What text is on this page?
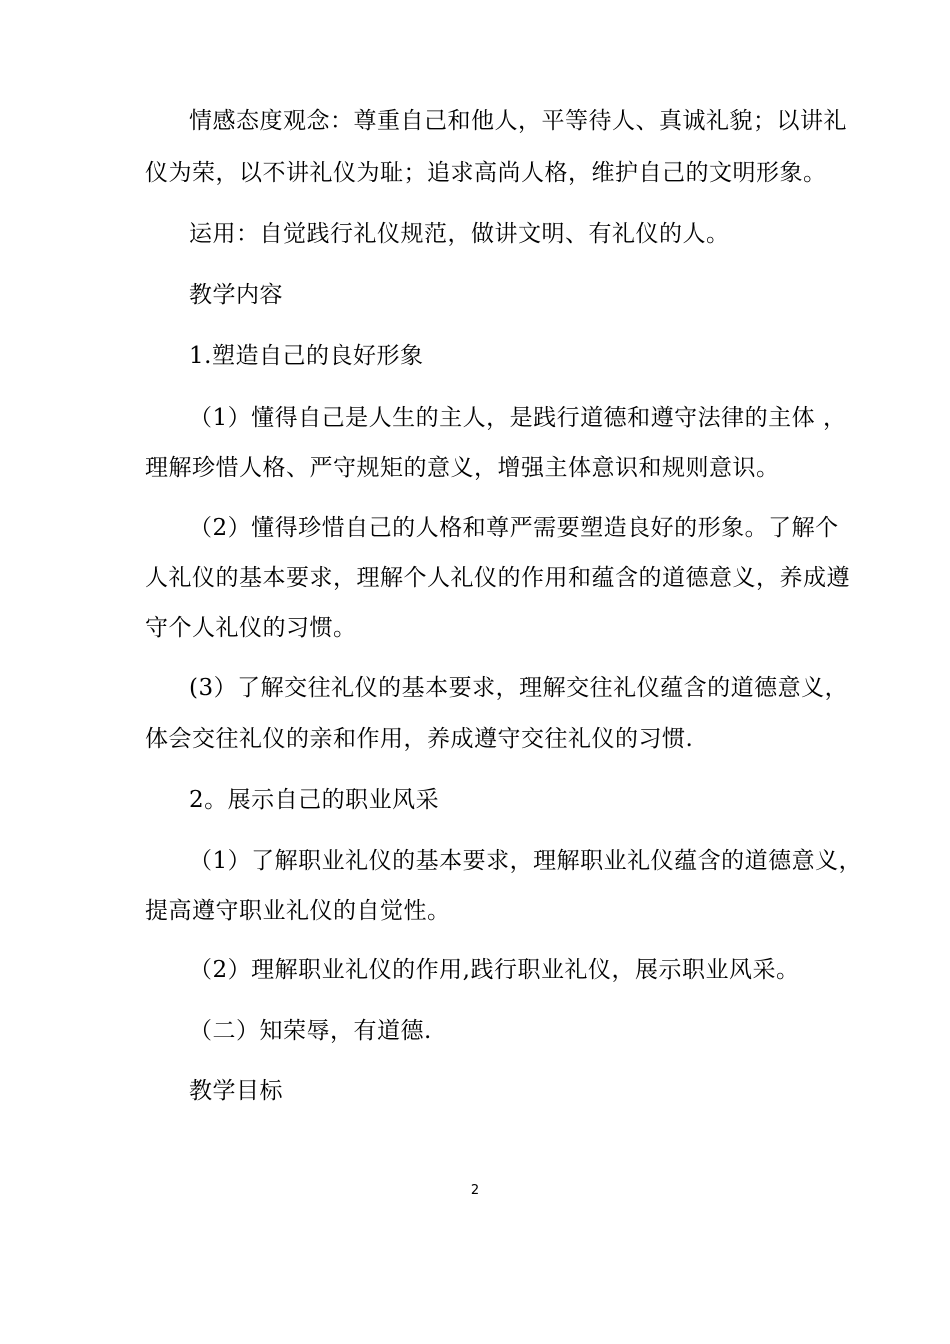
情感态度观念：尊重自己和他人，平等待人、真诚礼貌；以讲礼
仪为荣，以不讲礼仪为耻；追求高尚人格，维护自己的文明形象。
运用：自觉践行礼仪规范，做讲文明、有礼仪的人。
教学内容
1.塑造自己的良好形象
（1）懂得自己是人生的主人，是践行道德和遵守法律的主体 ，
理解珍惜人格、严守规矩的意义，增强主体意识和规则意识。
（2）懂得珍惜自己的人格和尊严需要塑造良好的形象。了解个
人礼仪的基本要求，理解个人礼仪的作用和蕴含的道德意义，养成遵
守个人礼仪的习惯。
(3）了解交往礼仪的基本要求，理解交往礼仪蕴含的道德意义，
体会交往礼仪的亲和作用，养成遵守交往礼仪的习惯.
2。展示自己的职业风采
（1）了解职业礼仪的基本要求，理解职业礼仪蕴含的道德意义，
提高遵守职业礼仪的自觉性。
（2）理解职业礼仪的作用,践行职业礼仪，展示职业风采。
（二）知荣辱，有道德.
教学目标
2
